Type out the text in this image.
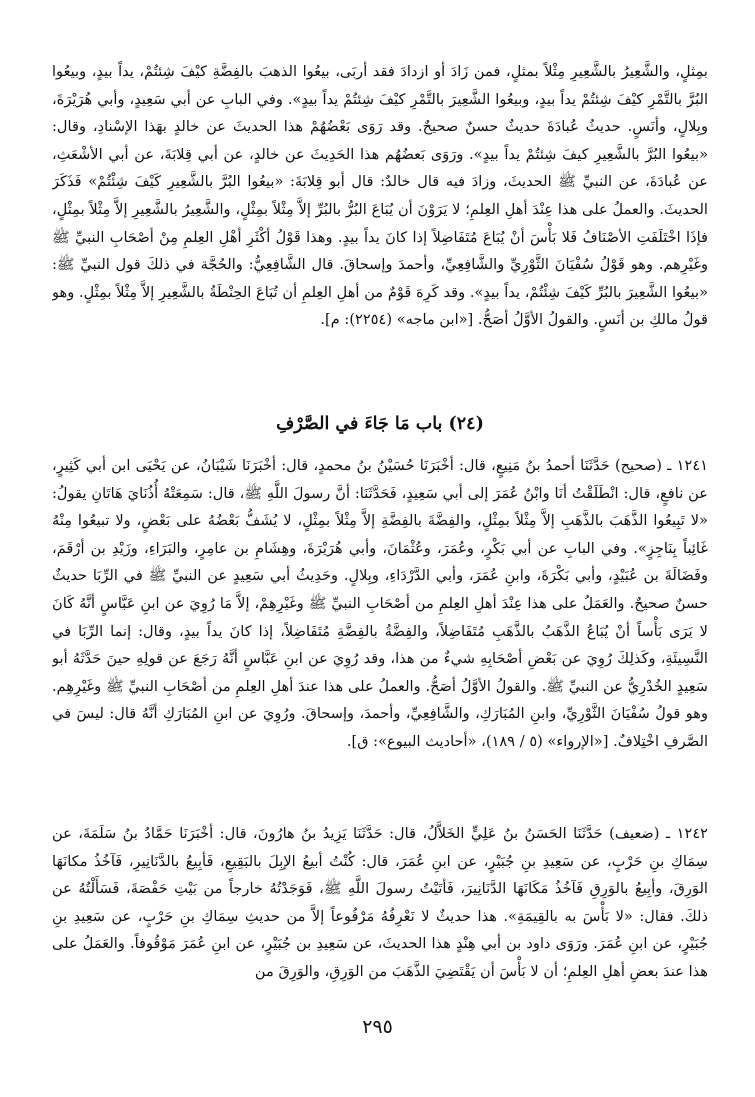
بمِثلٍ، والشَّعِيرُ بالشَّعِيرِ مِثْلاً بمثلٍ، فمن زَادَ أو ازدادَ فقد أربَى، بيعُوا الذهبَ بالفِضَّةِ كيْفَ شِئتُمْ، يداً بيدٍ، وبيعُوا البُرَّ بالتَّمْرِ كيْفَ شِئتُمْ يداً بيدٍ، وبيعُوا الشَّعِيرَ بالتَّمْرِ كيْفَ شِئتُمْ يداً بيدٍ». وفي البابِ عن أبي سَعِيدٍ، وأبي هُرَيْرَةَ، وبِلالٍ، وأنَسٍ. حديثُ عُبادَةَ حديثٌ حسنٌ صحيحٌ. وقد رَوَى بَعْضُهُمْ هذا الحديثَ عن خالدٍ بهَذا الإسْنادِ، وقال: «بيعُوا البُرَّ بالشَّعِيرِ كيفَ شِئتُمْ يداً بيدٍ». ورَوَى بَعضُهُم هذا الحَدِيثَ عن خالدٍ، عن أبي قِلابَةَ، عن أبي الأشْعَثِ، عن عُبادَةَ، عن النبيِّ ﷺ الحديثَ، وزادَ فيه قال خالدٌ: قال أبو قِلابَةَ: «بيعُوا البُرَّ بالشَّعِيرِ كَيْفَ شِئْتُمْ» فَذَكَرَ الحديثَ. والعملُ على هذا عِنْدَ أهلِ العِلمِ؛ لا يَرَوْنَ أن يُبَاعَ البُرُّ بالبُرِّ إلاَّ مِثْلاً بمِثْلٍ، والشَّعِيرُ بالشَّعِيرِ إلاَّ مِثْلاً بمِثْلٍ، فإذَا اخْتَلَفَتِ الأصْنَافُ فَلا بَأْسَ أنْ يُبَاعَ مُتَفَاضِلاً إذا كانَ يداً بيدٍ. وهذا قَوْلُ أكْثَرِ أهْلِ العِلمِ مِنْ أصْحَابِ النبيِّ ﷺ وغَيْرِهم. وهو قَوْلُ سُفْيَانَ الثَّوْرِيِّ والشَّافِعِيِّ، وأحمدَ وإسحاقَ. قال الشَّافِعِيُّ: والحُجَّة في ذلكَ قول النبيِّ ﷺ: «بيعُوا الشَّعِيرَ بالبُرِّ كَيْفَ شِئْتُمْ، يداً بيدٍ». وقد كَرِهَ قَوْمٌ من أهلِ العِلمِ أن تُبَاعَ الحِنْطَةُ بالشَّعِيرِ إلاَّ مِثْلاً بمِثْلٍ. وهو قولُ مالكِ بن أنَسٍ. والقولُ الأوَّلُ أصَحُّ. [«ابن ماجه» (٢٢٥٤): م].

(٢٤) باب مَا جَاءَ في الصَّرْفِ

١٢٤١ ـ (صحيح) حَدَّثَنَا أحمدُ بنُ مَنِيعٍ، قال: أخْبَرَنَا حُسَيْنُ بنُ محمدٍ، قال: أخْبَرَنَا شَيْبَانُ، عن يَحْيَى ابن أبي كَثِيرٍ، عن نافعٍ، قال: انْطَلَقْتُ أنَا وابْنُ عُمَرَ إلى أبي سَعِيدٍ، فَحَدَّثَنَا: أنَّ رسولَ اللَّهِ ﷺ، قال: سَمِعَتْهُ أُذُنَايَ هَاتَانِ يقولُ: «لا تَبِيعُوا الذَّهَبَ بالذَّهَبِ إلاَّ مِثْلاً بمِثْلٍ، والفِضَّةَ بالفِضَّةِ إلاَّ مِثْلاً بمِثْلٍ، لا يُشَفُّ بَعْضُهُ على بَعْضٍ، ولا تبيعُوا مِنْهُ غَائِباً بِنَاجِزٍ». وفي البابِ عن أبي بَكْرٍ، وعُمَرَ، وعُثْمَانَ، وأبي هُرَيْرَةَ، وهِشَامِ بن عامِرٍ، والبَرَاءِ، وزَيْدِ بن أرْقَمَ، وفَضَالَةَ بن عُبَيْدٍ، وأبي بَكْرَةَ، وابنِ عُمَرَ، وأبي الدَّرْدَاءِ، وبِلالٍ. وحَدِيثُ أبي سَعِيدٍ عن النبيِّ ﷺ في الرِّبَا حديثٌ حسنٌ صحيحٌ. والعَمَلُ على هذا عِنْدَ أهلِ العِلمِ من أصْحَابِ النبيِّ ﷺ وغَيْرِهِمْ، إلاَّ مَا رُوِيَ عن ابنِ عَبَّاسٍ أنَّهُ كَانَ لا يَرَى بَأْساً أنْ يُبَاعُ الذَّهَبُ بالذَّهَبِ مُتَفَاضِلاً، والفِضَّةُ بالفِضَّةِ مُتَفَاضِلاً، إذا كانَ يداً بيدٍ، وقال: إنما الرِّبَا في النَّسِيئَةِ، وكَذلِكَ رُوِيَ عن بَعْضِ أصْحَابِهِ شيءٌ من هذا، وقد رُوِيَ عن ابنِ عَبَّاسٍ أنَّهُ رَجَعَ عن قولِهِ حينَ حَدَّثَهُ أبو سَعِيدٍ الخُدْرِيُّ عن النبيِّ ﷺ. والقولُ الأوَّلُ أصَحُّ. والعملُ على هذا عندَ أهلِ العِلمِ من أصْحَابِ النبيِّ ﷺ وغَيْرِهِم. وهو قولُ سُفْيَانَ الثَّوْرِيِّ، وابنِ المُبَارَكِ، والشَّافِعِيِّ، وأحمدَ، وإسحاقَ. ورُوِيَ عن ابنِ المُبَارَكِ أنَّهُ قال: ليسَ في الصَّرفِ اخْتِلافٌ. [«الإرواء» (٥ / ١٨٩)، «أحاديث البيوع»: ق].

١٢٤٢ ـ (ضعيف) حَدَّثَنَا الحَسَنُ بنُ عَلِيٍّ الخَلاَّلُ، قال: حَدَّثَنَا يَزِيدُ بنُ هارُونَ، قال: أخْبَرَنَا حَمَّادُ بنُ سَلَمَةَ، عن سِمَاكِ بنِ حَرْبٍ، عن سَعِيدِ بنِ جُبَيْرٍ، عن ابنِ عُمَرَ، قال: كُنْتُ أبيعُ الإبِلَ بالبَقِيعِ، فَأبِيعُ بالدَّنَانِيرِ، فَآخُذُ مكانَهَا الوَرِقَ، وأبِيعُ بالوَرِقِ فَآخُذُ مَكَانَهَا الدَّنَانِيرَ، فَأتَيْتُ رسولَ اللَّهِ ﷺ، فَوَجَدْتُهُ خارجاً من بَيْتِ حَفْصَةَ، فَسَأَلْتُهُ عن ذلكَ. فقال: «لا بَأْسَ به بالقِيمَةِ». هذا حديثٌ لا نَعْرِفُهُ مَرْفُوعاً إلاَّ من حديثِ سِمَاكِ بنِ حَرْبٍ، عن سَعِيدِ بنِ جُبَيْرٍ، عن ابنِ عُمَرَ. ورَوَى داود بن أبي هِنْدٍ هذا الحديثَ، عن سَعِيدِ بن جُبَيْرٍ، عن ابنِ عُمَرَ مَوْقُوفاً. والعَمَلُ على هذا عندَ بعضِ أهلِ العِلمِ؛ أن لا بَأْسَ أن يَقْتَضِيَ الذَّهَبَ من الوَرِقِ، والوَرِقَ من

٢٩٥
